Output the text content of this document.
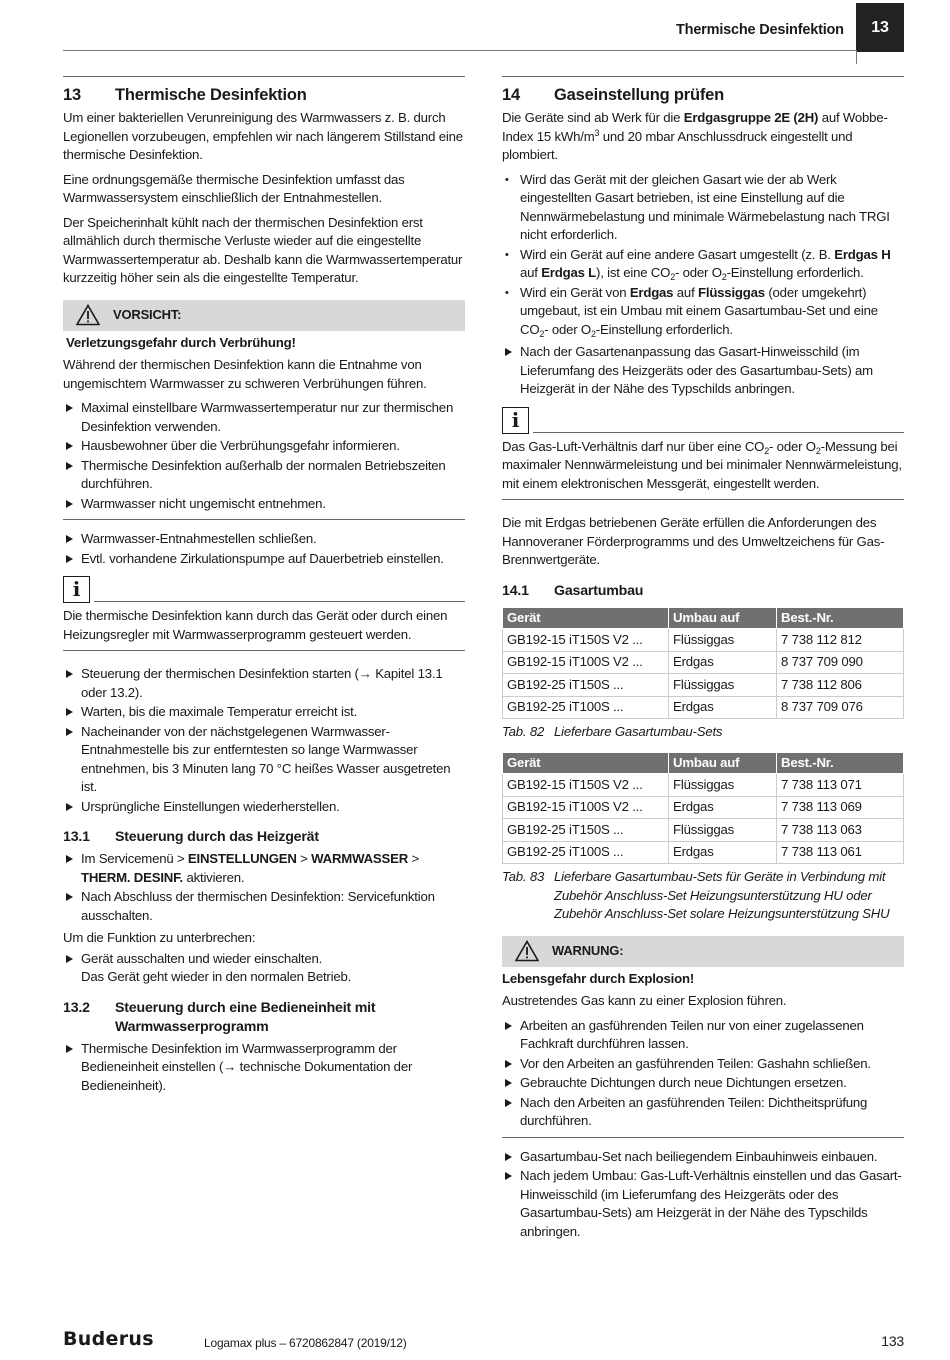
Thermische Desinfektion	13
13	Thermische Desinfektion

Um einer bakteriellen Verunreinigung des Warmwassers z. B. durch Legionellen vorzubeugen, empfehlen wir nach längerem Stillstand eine thermische Desinfektion.

Eine ordnungsgemäße thermische Desinfektion umfasst das Warmwassersystem einschließlich der Entnahmestellen.

Der Speicherinhalt kühlt nach der thermischen Desinfektion erst allmählich durch thermische Verluste wieder auf die eingestellte Warmwassertemperatur ab. Deshalb kann die Warmwassertemperatur kurzzeitig höher sein als die eingestellte Temperatur.

VORSICHT:
Verletzungsgefahr durch Verbrühung!

Während der thermischen Desinfektion kann die Entnahme von ungemischtem Warmwasser zu schweren Verbrühungen führen.

Maximal einstellbare Warmwassertemperatur nur zur thermischen Desinfektion verwenden.
Hausbewohner über die Verbrühungsgefahr informieren.
Thermische Desinfektion außerhalb der normalen Betriebszeiten durchführen.
Warmwasser nicht ungemischt entnehmen.
Warmwasser-Entnahmestellen schließen.
Evtl. vorhandene Zirkulationspumpe auf Dauerbetrieb einstellen.
i
Die thermische Desinfektion kann durch das Gerät oder durch einen Heizungsregler mit Warmwasserprogramm gesteuert werden.
Steuerung der thermischen Desinfektion starten (→ Kapitel 13.1 oder 13.2).
Warten, bis die maximale Temperatur erreicht ist.
Nacheinander von der nächstgelegenen Warmwasser-Entnahmestelle bis zur entferntesten so lange Warmwasser entnehmen, bis 3 Minuten lang 70 °C heißes Wasser ausgetreten ist.
Ursprüngliche Einstellungen wiederherstellen.
13.1	Steuerung durch das Heizgerät
Im Servicemenü > EINSTELLUNGEN > WARMWASSER > THERM. DESINF. aktivieren.
Nach Abschluss der thermischen Desinfektion: Servicefunktion ausschalten.

Um die Funktion zu unterbrechen:

Gerät ausschalten und wieder einschalten.
Das Gerät geht wieder in den normalen Betrieb.
13.2	Steuerung durch eine Bedieneinheit mit Warmwasserprogramm
Thermische Desinfektion im Warmwasserprogramm der Bedieneinheit einstellen (→ technische Dokumentation der Bedieneinheit).
14	Gaseinstellung prüfen

Die Geräte sind ab Werk für die Erdgasgruppe 2E (2H) auf Wobbe-Index 15 kWh/$m^3$ und 20 mbar Anschlussdruck eingestellt und plombiert.

• Wird das Gerät mit der gleichen Gasart wie der ab Werk eingestellten Gasart betrieben, ist eine Einstellung auf die Nennwärmebelastung und minimale Wärmebelastung nach TRGI nicht erforderlich.
• Wird ein Gerät auf eine andere Gasart umgestellt (z. B. Erdgas H auf Erdgas L), ist eine $CO_2-$ oder $O_2$-Einstellung erforderlich.
• Wird ein Gerät von Erdgas auf Flüssiggas (oder umgekehrt) umgebaut, ist ein Umbau mit einem Gasartumbau-Set und eine $CO_2-$ oder $O_2$-Einstellung erforderlich.
Nach der Gasartenanpassung das Gasart-Hinweisschild (im Lieferumfang des Heizgeräts oder des Gasartumbau-Sets) am Heizgerät in der Nähe des Typschilds anbringen.
i
Das Gas-Luft-Verhältnis darf nur über eine $CO_2-$ oder $O_2$-Messung bei maximaler Nennwärmeleistung und bei minimaler Nennwärmeleistung, mit einem elektronischen Messgerät, eingestellt werden.

Die mit Erdgas betriebenen Geräte erfüllen die Anforderungen des Hannoveraner Förderprogramms und des Umweltzeichens für Gas-Brennwertgeräte.

14.1	Gasartumbau
Gerät	Umbau auf	Best.-Nr.
GB192-15 iT150S V2 ...	Flüssiggas	7 738 112 812
GB192-15 iT100S V2 ...	Erdgas	8 737 709 090
GB192-25 iT150S ...	Flüssiggas	7 738 112 806
GB192-25 iT100S ...	Erdgas	8 737 709 076
Tab. 82 Lieferbare Gasartumbau-Sets
Gerät	Umbau auf	Best.-Nr.
GB192-15 iT150S V2 ...	Flüssiggas	7 738 113 071
GB192-15 iT100S V2 ...	Erdgas	7 738 113 069
GB192-25 iT150S ...	Flüssiggas	7 738 113 063
GB192-25 iT100S ...	Erdgas	7 738 113 061
Tab. 83 Lieferbare Gasartumbau-Sets für Geräte in Verbindung mit Zubehör Anschluss-Set Heizungsunterstützung HU oder Zubehör Anschluss-Set solare Heizungsunterstützung SHU
WARNUNG:
Lebensgefahr durch Explosion!

Austretendes Gas kann zu einer Explosion führen.

Arbeiten an gasführenden Teilen nur von einer zugelassenen Fachkraft durchführen lassen.
Vor den Arbeiten an gasführenden Teilen: Gashahn schließen.
Gebrauchte Dichtungen durch neue Dichtungen ersetzen.
Nach den Arbeiten an gasführenden Teilen: Dichtheitsprüfung durchführen.
Gasartumbau-Set nach beiliegendem Einbauhinweis einbauen.
Nach jedem Umbau: Gas-Luft-Verhältnis einstellen und das Gasart-Hinweisschild (im Lieferumfang des Heizgeräts oder des Gasartumbau-Sets) am Heizgerät in der Nähe des Typschilds anbringen.
Buderus	Logamax plus – 6720862847 (2019/12)	133
